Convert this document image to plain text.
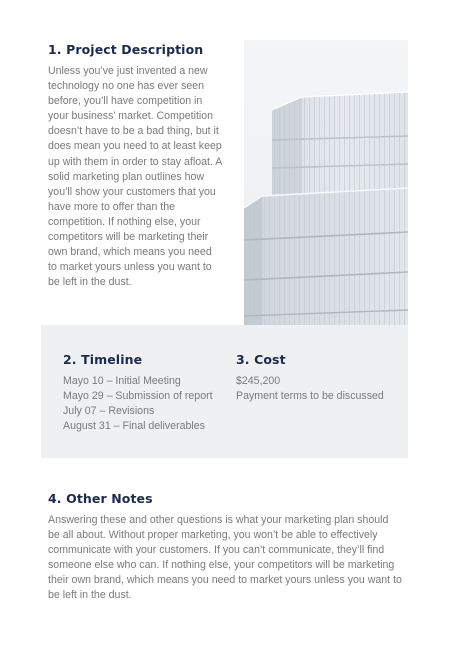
1. Project Description
Unless you’ve just invented a new technology no one has ever seen before, you’ll have competition in your business’ market. Competition doesn’t have to be a bad thing, but it does mean you need to at least keep up with them in order to stay afloat. A solid marketing plan outlines how you’ll show your customers that you have more to offer than the competition. If nothing else, your competitors will be marketing their own brand, which means you need to market yours unless you want to be left in the dust.
2. Timeline
Mayo 10 – Initial Meeting
Mayo 29 – Submission of report
July 07 – Revisions
August 31 – Final deliverables
3. Cost
$245,200
Payment terms to be discussed
4. Other Notes
Answering these and other questions is what your marketing plan should be all about. Without proper marketing, you won’t be able to effectively communicate with your customers. If you can’t communicate, they’ll find someone else who can. If nothing else, your competitors will be marketing their own brand, which means you need to market yours unless you want to be left in the dust.
